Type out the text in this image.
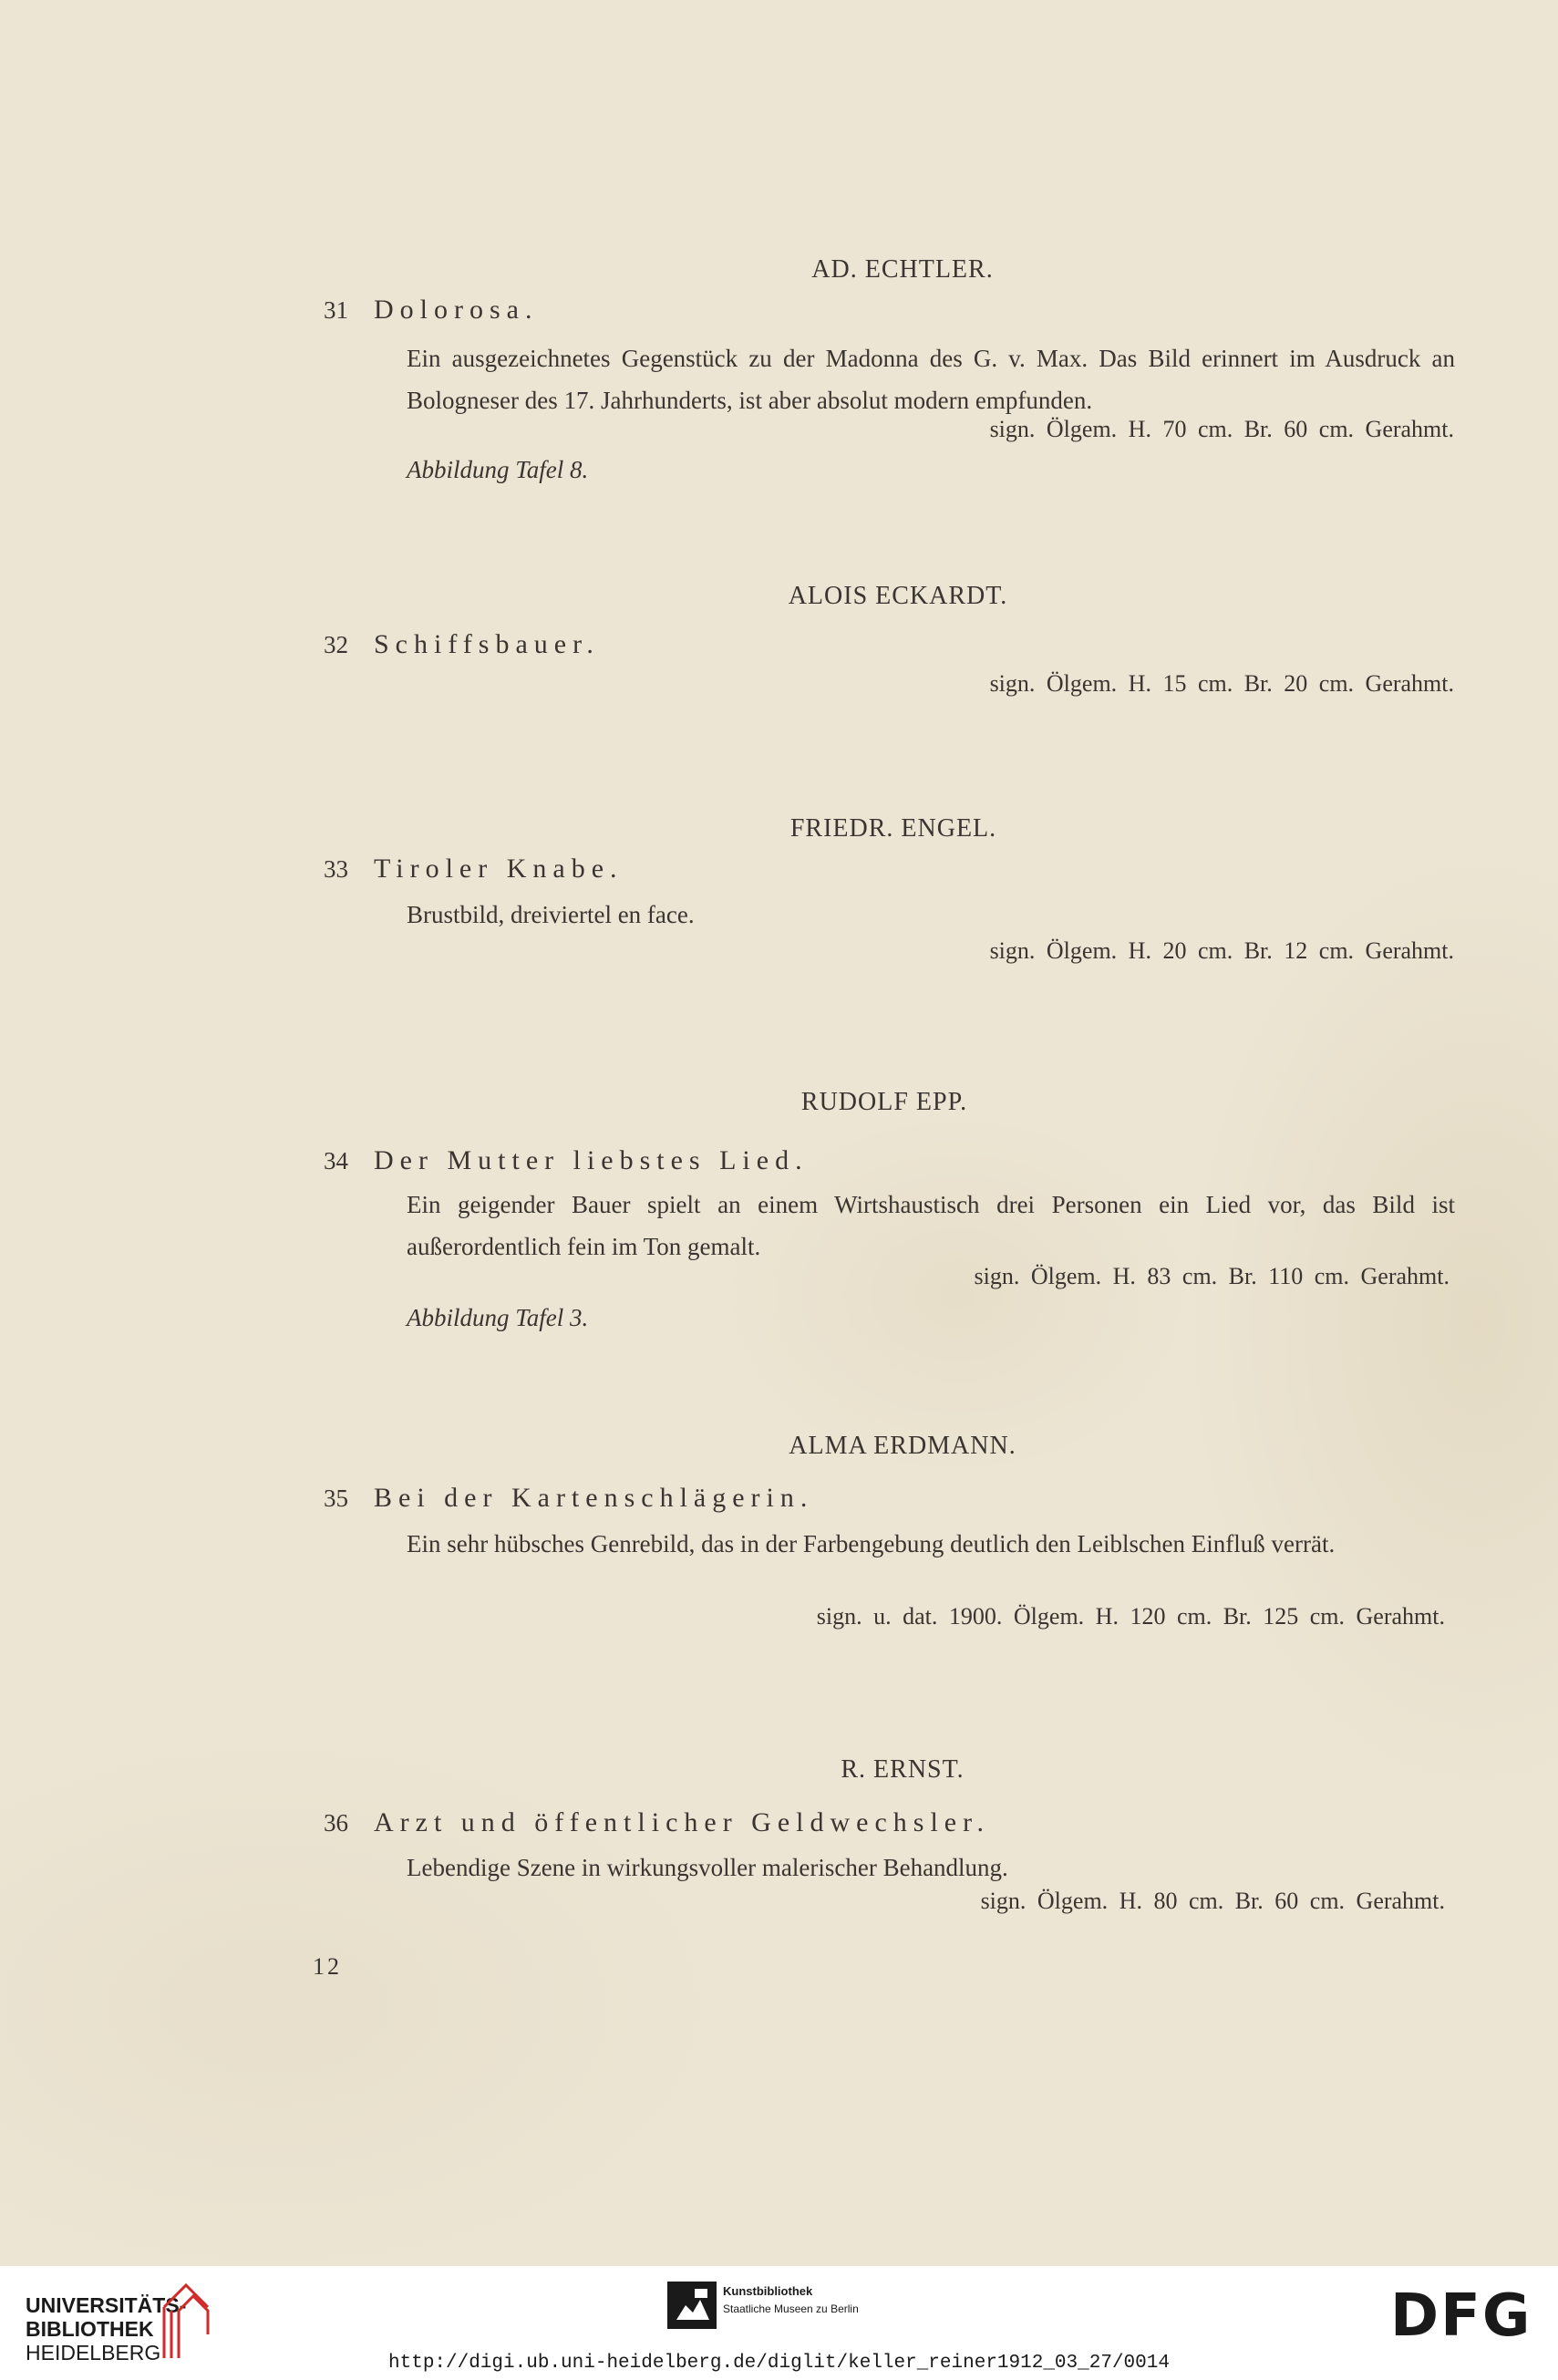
AD. ECHTLER.
31 Dolorosa.
Ein ausgezeichnetes Gegenstück zu der Madonna des G. v. Max. Das Bild erinnert im Ausdruck an Bologneser des 17. Jahrhunderts, ist aber absolut modern empfunden.
sign. Ölgem. H. 70 cm. Br. 60 cm. Gerahmt.
Abbildung Tafel 8.
ALOIS ECKARDT.
32 Schiffsbauer.
sign. Ölgem. H. 15 cm. Br. 20 cm. Gerahmt.
FRIEDR. ENGEL.
33 Tiroler Knabe.
Brustbild, dreiviertel en face.
sign. Ölgem. H. 20 cm. Br. 12 cm. Gerahmt.
RUDOLF EPP.
34 Der Mutter liebstes Lied.
Ein geigender Bauer spielt an einem Wirtshaustisch drei Personen ein Lied vor, das Bild ist außerordentlich fein im Ton gemalt.
sign. Ölgem. H. 83 cm. Br. 110 cm. Gerahmt.
Abbildung Tafel 3.
ALMA ERDMANN.
35 Bei der Kartenschlägerin.
Ein sehr hübsches Genrebild, das in der Farbengebung deutlich den Leiblschen Einfluß verrät.
sign. u. dat. 1900. Ölgem. H. 120 cm. Br. 125 cm. Gerahmt.
R. ERNST.
36 Arzt und öffentlicher Geldwechsler.
Lebendige Szene in wirkungsvoller malerischer Behandlung.
sign. Ölgem. H. 80 cm. Br. 60 cm. Gerahmt.
12
UNIVERSITÄTS-
BIBLIOTHEK
HEIDELBERG
Kunstbibliothek
Staatliche Museen zu Berlin	DFG
http://digi.ub.uni-heidelberg.de/diglit/keller_reiner1912_03_27/0014
